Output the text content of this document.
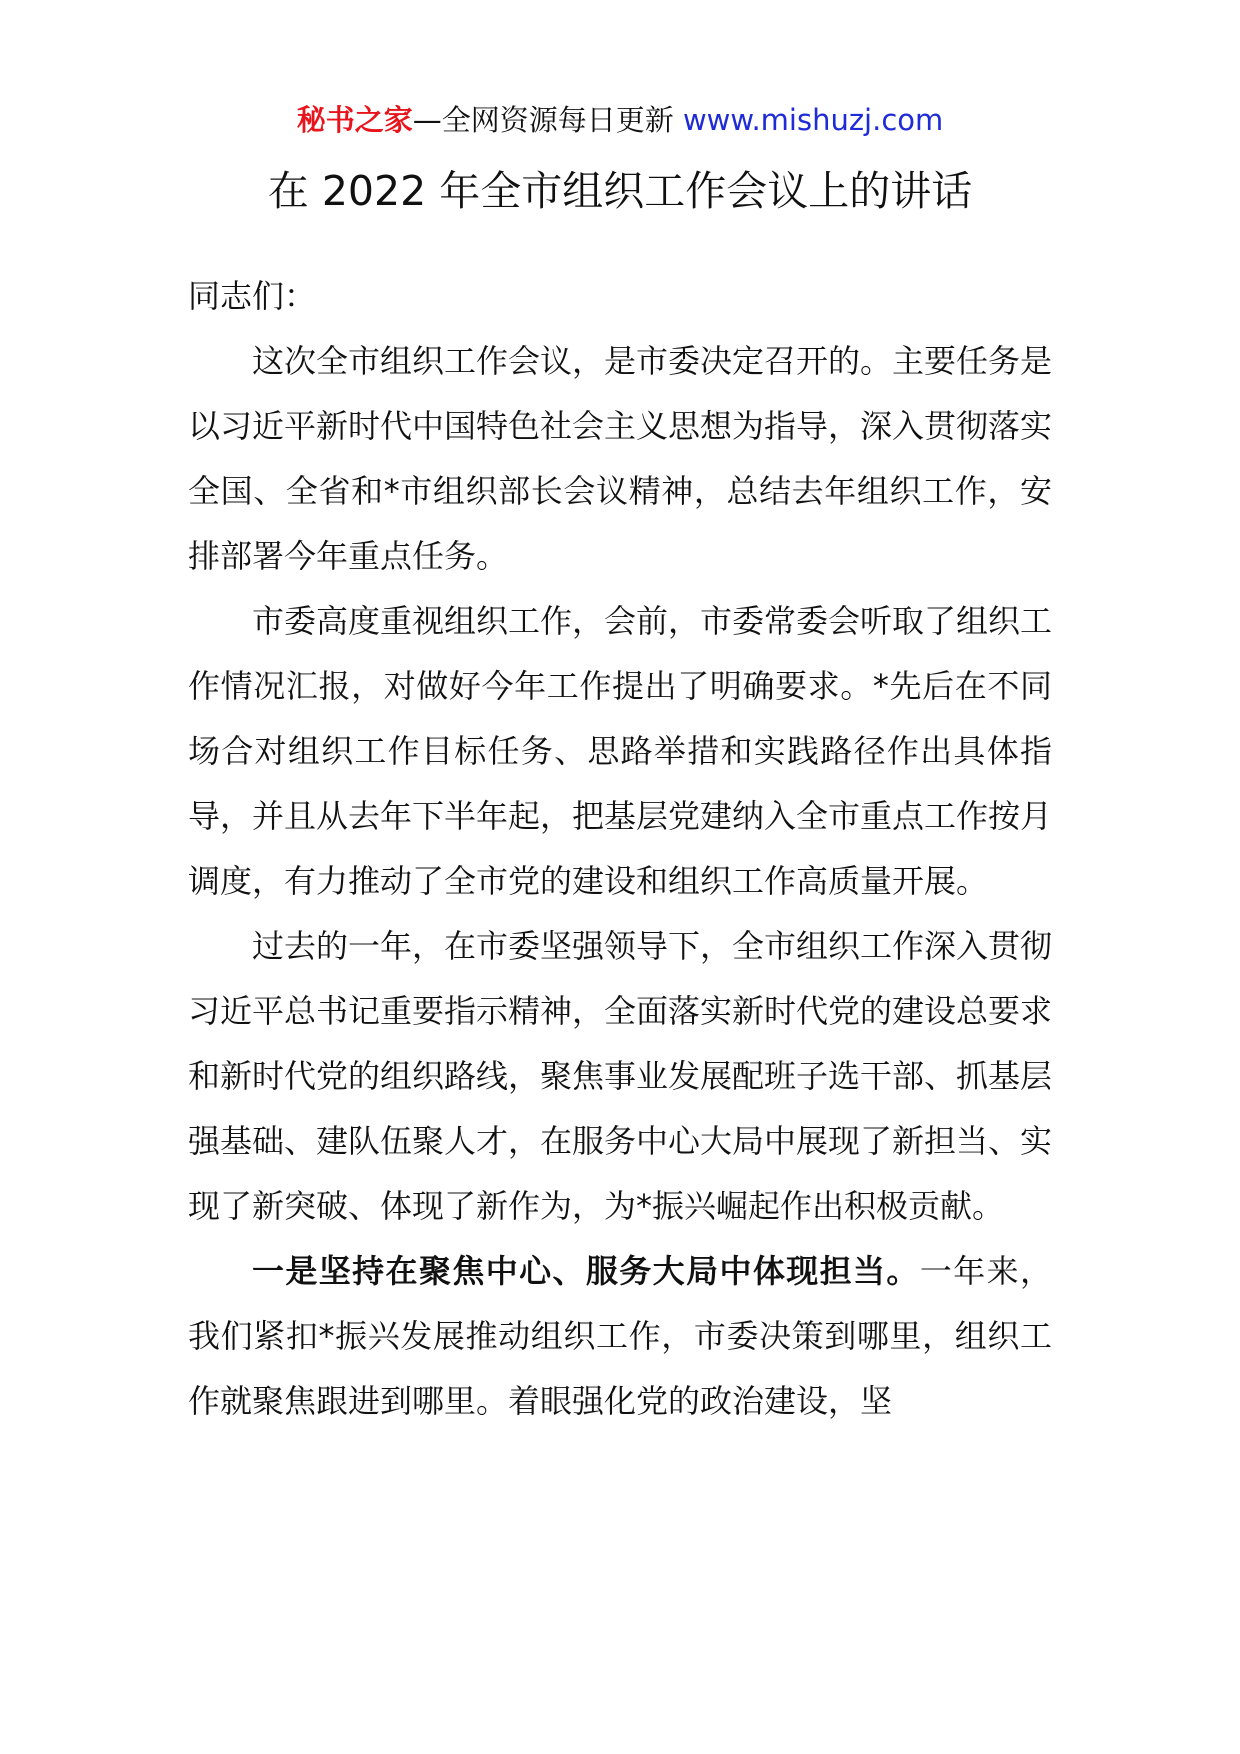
秘书之家—全网资源每日更新 www.mishuzj.com
在 2022 年全市组织工作会议上的讲话

同志们：

这次全市组织工作会议，是市委决定召开的。主要任务是以习近平新时代中国特色社会主义思想为指导，深入贯彻落实全国、全省和*市组织部长会议精神，总结去年组织工作，安排部署今年重点任务。

市委高度重视组织工作，会前，市委常委会听取了组织工作情况汇报，对做好今年工作提出了明确要求。*先后在不同场合对组织工作目标任务、思路举措和实践路径作出具体指导，并且从去年下半年起，把基层党建纳入全市重点工作按月调度，有力推动了全市党的建设和组织工作高质量开展。

过去的一年，在市委坚强领导下，全市组织工作深入贯彻习近平总书记重要指示精神，全面落实新时代党的建设总要求和新时代党的组织路线，聚焦事业发展配班子选干部、抓基层强基础、建队伍聚人才，在服务中心大局中展现了新担当、实现了新突破、体现了新作为，为*振兴崛起作出积极贡献。

一是坚持在聚焦中心、服务大局中体现担当。一年来，我们紧扣*振兴发展推动组织工作，市委决策到哪里，组织工作就聚焦跟进到哪里。着眼强化党的政治建设，坚
